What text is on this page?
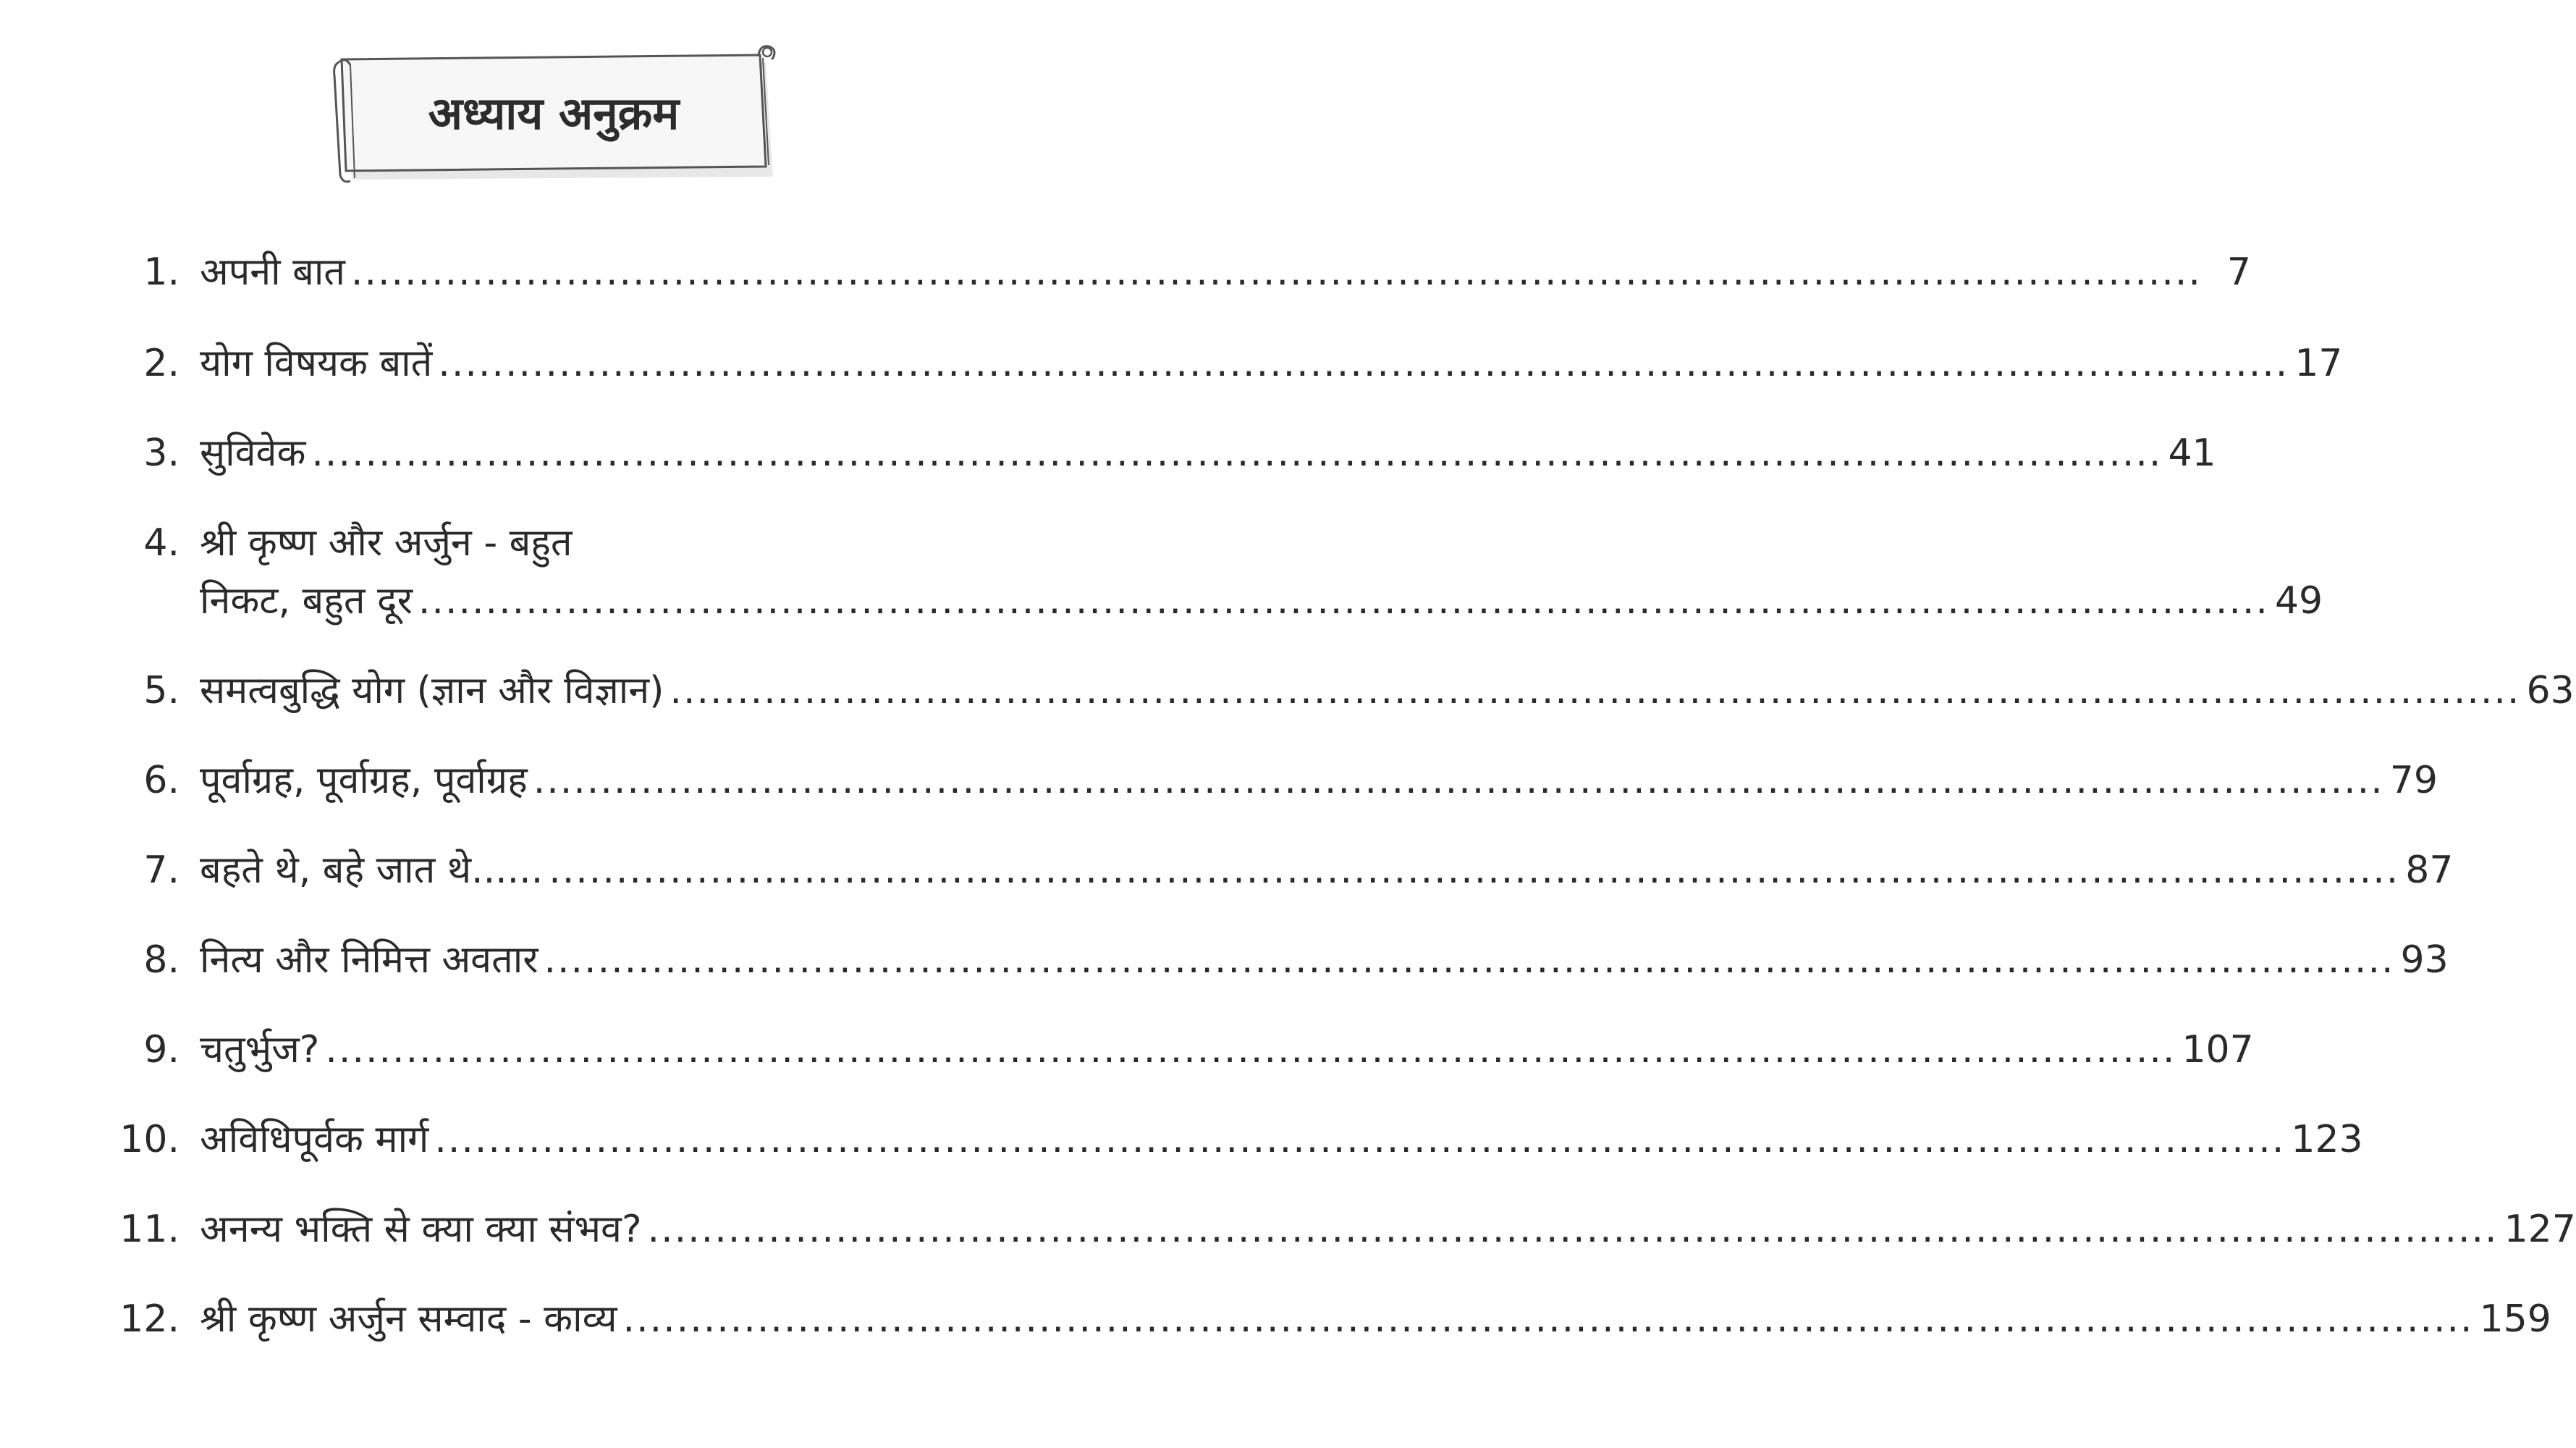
अध्याय अनुक्रम
1. अपनी बात .......................................................................................................................................... 7
2. योग विषयक बातें .......................................................................................................................................... 17
3. सुविवेक .......................................................................................................................................... 41
4. श्री कृष्ण और अर्जुन - बहुत
निकट, बहुत दूर .......................................................................................................................................... 49
5. समत्वबुद्धि योग (ज्ञान और विज्ञान) .......................................................................................................................................... 63
6. पूर्वाग्रह, पूर्वाग्रह, पूर्वाग्रह .......................................................................................................................................... 79
7. बहते थे, बहे जात थे...... .......................................................................................................................................... 87
8. नित्य और निमित्त अवतार .......................................................................................................................................... 93
9. चतुर्भुज? .......................................................................................................................................... 107
10. अविधिपूर्वक मार्ग .......................................................................................................................................... 123
11. अनन्य भक्ति से क्या क्या संभव? .......................................................................................................................................... 127
12. श्री कृष्ण अर्जुन सम्वाद - काव्य .......................................................................................................................................... 159
